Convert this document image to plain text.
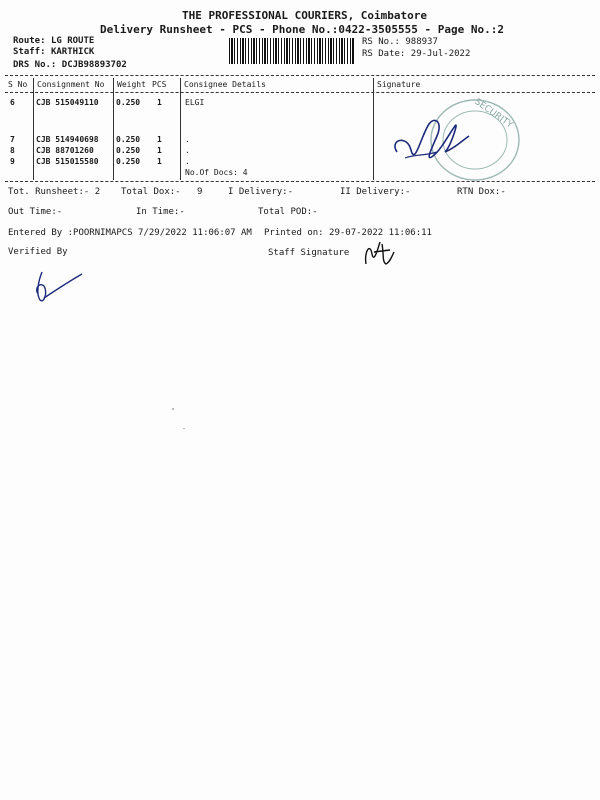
THE PROFESSIONAL COURIERS, Coimbatore
Delivery Runsheet - PCS - Phone No.:0422-3505555 - Page No.:2
Route: LG ROUTE
Staff: KARTHICK
DRS No.: DCJB98893702
RS No.: 988937
RS Date: 29-Jul-2022
S No Consignment No Weight PCS Consignee Details	Signature
6	CJB 515049110 0.250 1	ELGI
7	CJB 514940698 0.250 1	.
8	CJB 88701260	0.250 1	.
9	CJB 515015580 0.250 1	.
No.Of Docs: 4
SECURITY
Tot. Runsheet:- 2 Total Dox:- 9	I Delivery:-	II Delivery:-	RTN Dox:-
Out Time:-	In Time:-	Total POD:-
Entered By :POORNIMAPCS 7/29/2022 11:06:07 AM Printed on: 29-07-2022 11:06:11
Verified By	Staff Signature
